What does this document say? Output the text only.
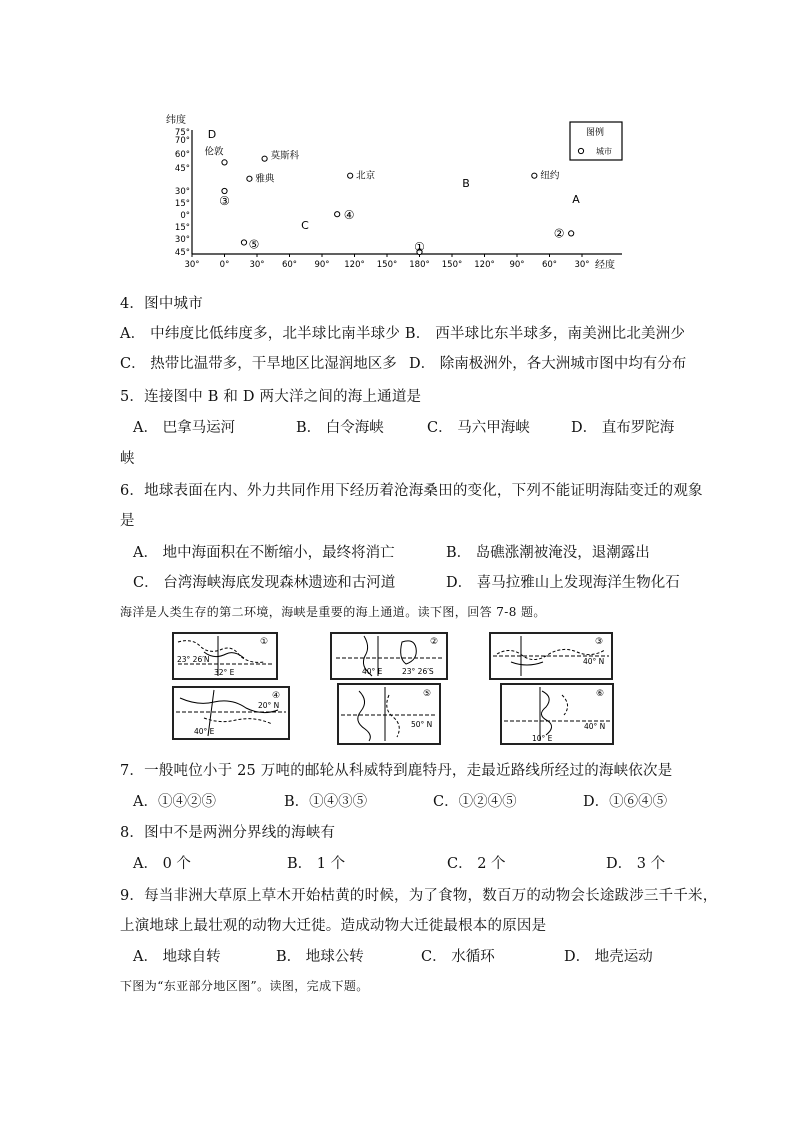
纬度
图例
城市
经度
75°
70°
60°
45°
30°
15°
0°
15°
30°
45°
30° 0° 30° 60° 90° 120° 150° 180° 150° 120° 90° 60° 30°
伦敦	莫斯科
雅典	北京	纽约
①
②
③
④
⑤
D
B
A
C
4．图中城市
A． 中纬度比低纬度多，北半球比南半球少 B． 西半球比东半球多，南美洲比北美洲少
C． 热带比温带多，干旱地区比湿润地区多 D． 除南极洲外，各大洲城市图中均有分布
5．连接图中 B 和 D 两大洋之间的海上通道是
A． 巴拿马运河	B． 白令海峡	C． 马六甲海峡	D． 直布罗陀海
峡
6．地球表面在内、外力共同作用下经历着沧海桑田的变化，下列不能证明海陆变迁的观象
是
A． 地中海面积在不断缩小，最终将消亡	B． 岛礁涨潮被淹没，退潮露出
C． 台湾海峡海底发现森林遗迹和古河道	D． 喜马拉雅山上发现海洋生物化石
海洋是人类生存的第二环境，海峡是重要的海上通道。读下图，回答 7-8 题。
①
23° 26′N
32° E
②
40° E	23° 26′S
③
40° N
④
20° N
40° E
⑤
50° N
⑥
40° N
10° E
7．一般吨位小于 25 万吨的邮轮从科威特到鹿特丹，走最近路线所经过的海峡依次是
A．①④②⑤	B．①④③⑤	C．①②④⑤	D．①⑥④⑤
8．图中不是两洲分界线的海峡有
A． 0 个	B． 1 个	C． 2 个	D． 3 个
9．每当非洲大草原上草木开始枯黄的时候，为了食物，数百万的动物会长途跋涉三千千米，
上演地球上最壮观的动物大迁徙。造成动物大迁徙最根本的原因是
A． 地球自转	B． 地球公转	C． 水循环	D． 地壳运动
下图为“东亚部分地区图”。读图，完成下题。
